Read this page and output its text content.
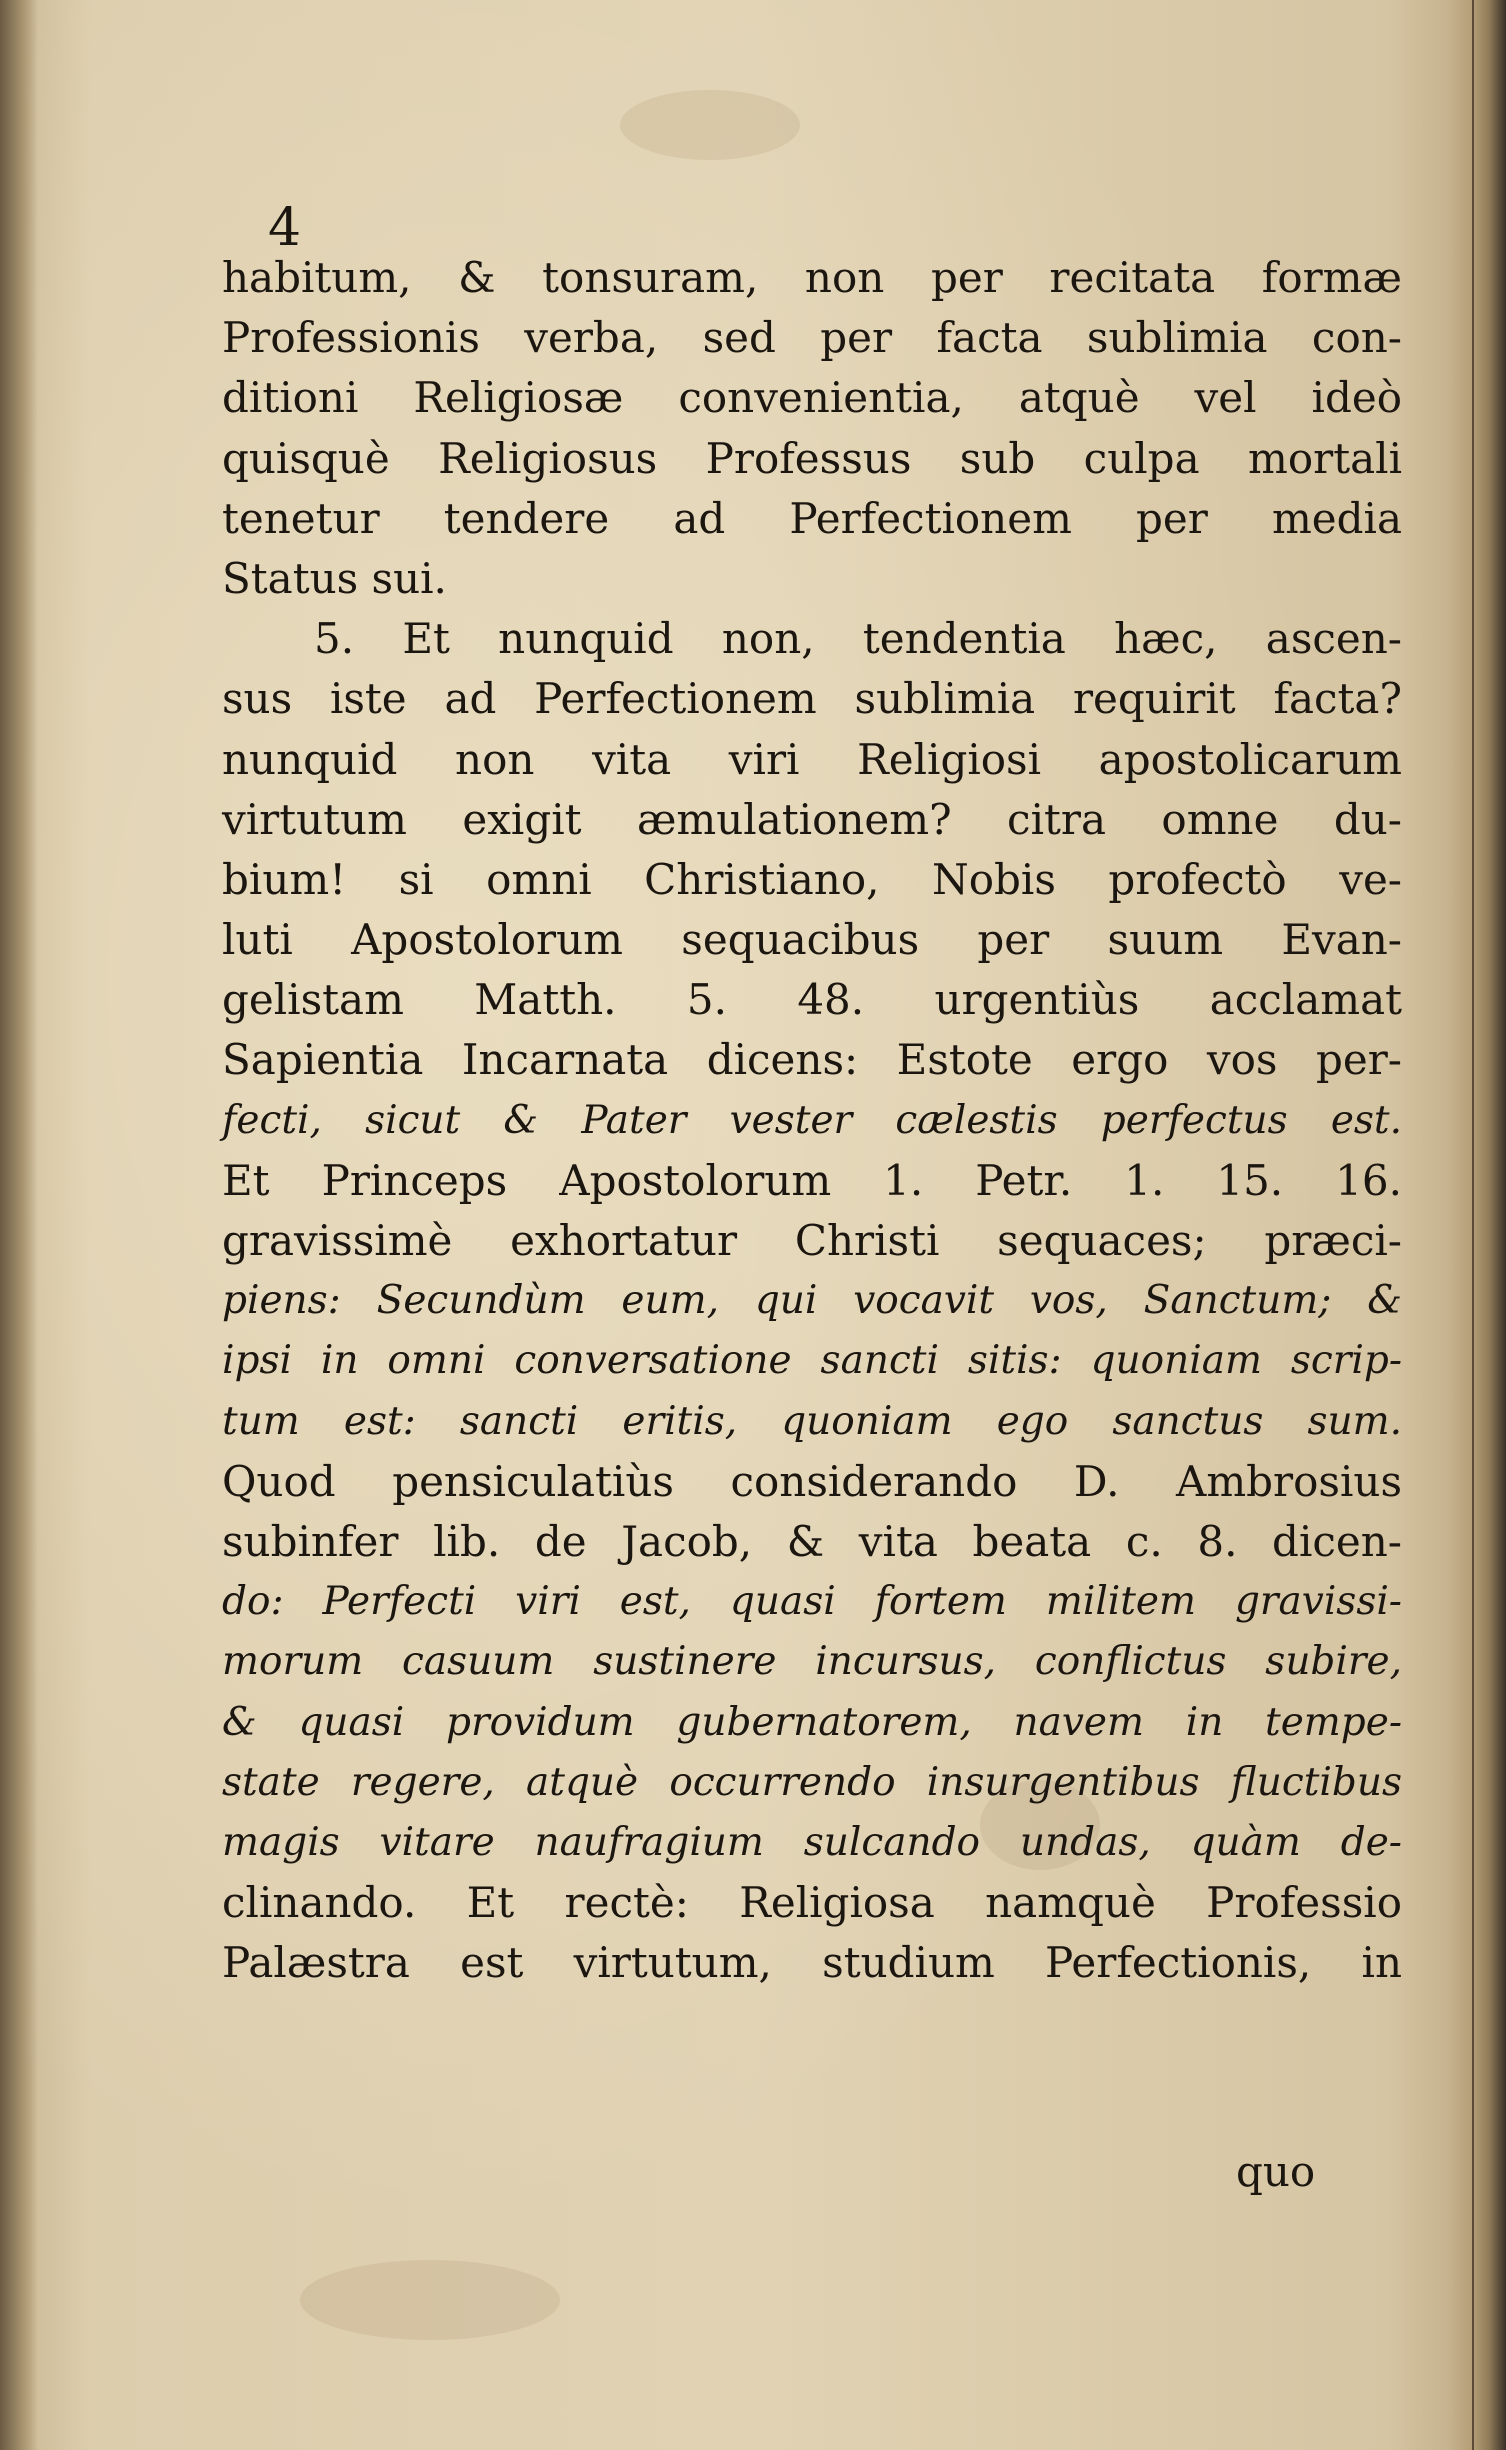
4
habitum, & tonsuram, non per recitata formæ
Professionis verba, sed per facta sublimia con-
ditioni Religiosæ convenientia, atquè vel ideò
quisquè Religiosus Professus sub culpa mortali
tenetur tendere ad Perfectionem per media
Status sui.
5. Et nunquid non, tendentia hæc, ascen-
sus iste ad Perfectionem sublimia requirit facta?
nunquid non vita viri Religiosi apostolicarum
virtutum exigit æmulationem? citra omne du-
bium! si omni Christiano, Nobis profectò ve-
luti Apostolorum sequacibus per suum Evan-
gelistam Matth. 5. 48. urgentiùs acclamat
Sapientia Incarnata dicens: Estote ergo vos per-
fecti, sicut & Pater vester cælestis perfectus est.
Et Princeps Apostolorum 1. Petr. 1. 15. 16.
gravissimè exhortatur Christi sequaces; præci-
piens: Secundùm eum, qui vocavit vos, Sanctum; &
ipsi in omni conversatione sancti sitis: quoniam scrip-
tum est: sancti eritis, quoniam ego sanctus sum.
Quod pensiculatiùs considerando D. Ambrosius
subinfer lib. de Jacob, & vita beata c. 8. dicen-
do: Perfecti viri est, quasi fortem militem gravissi-
morum casuum sustinere incursus, conflictus subire,
& quasi providum gubernatorem, navem in tempe-
state regere, atquè occurrendo insurgentibus fluctibus
magis vitare naufragium sulcando undas, quàm de-
clinando. Et rectè: Religiosa namquè Professio
Palæstra est virtutum, studium Perfectionis, in
quo
